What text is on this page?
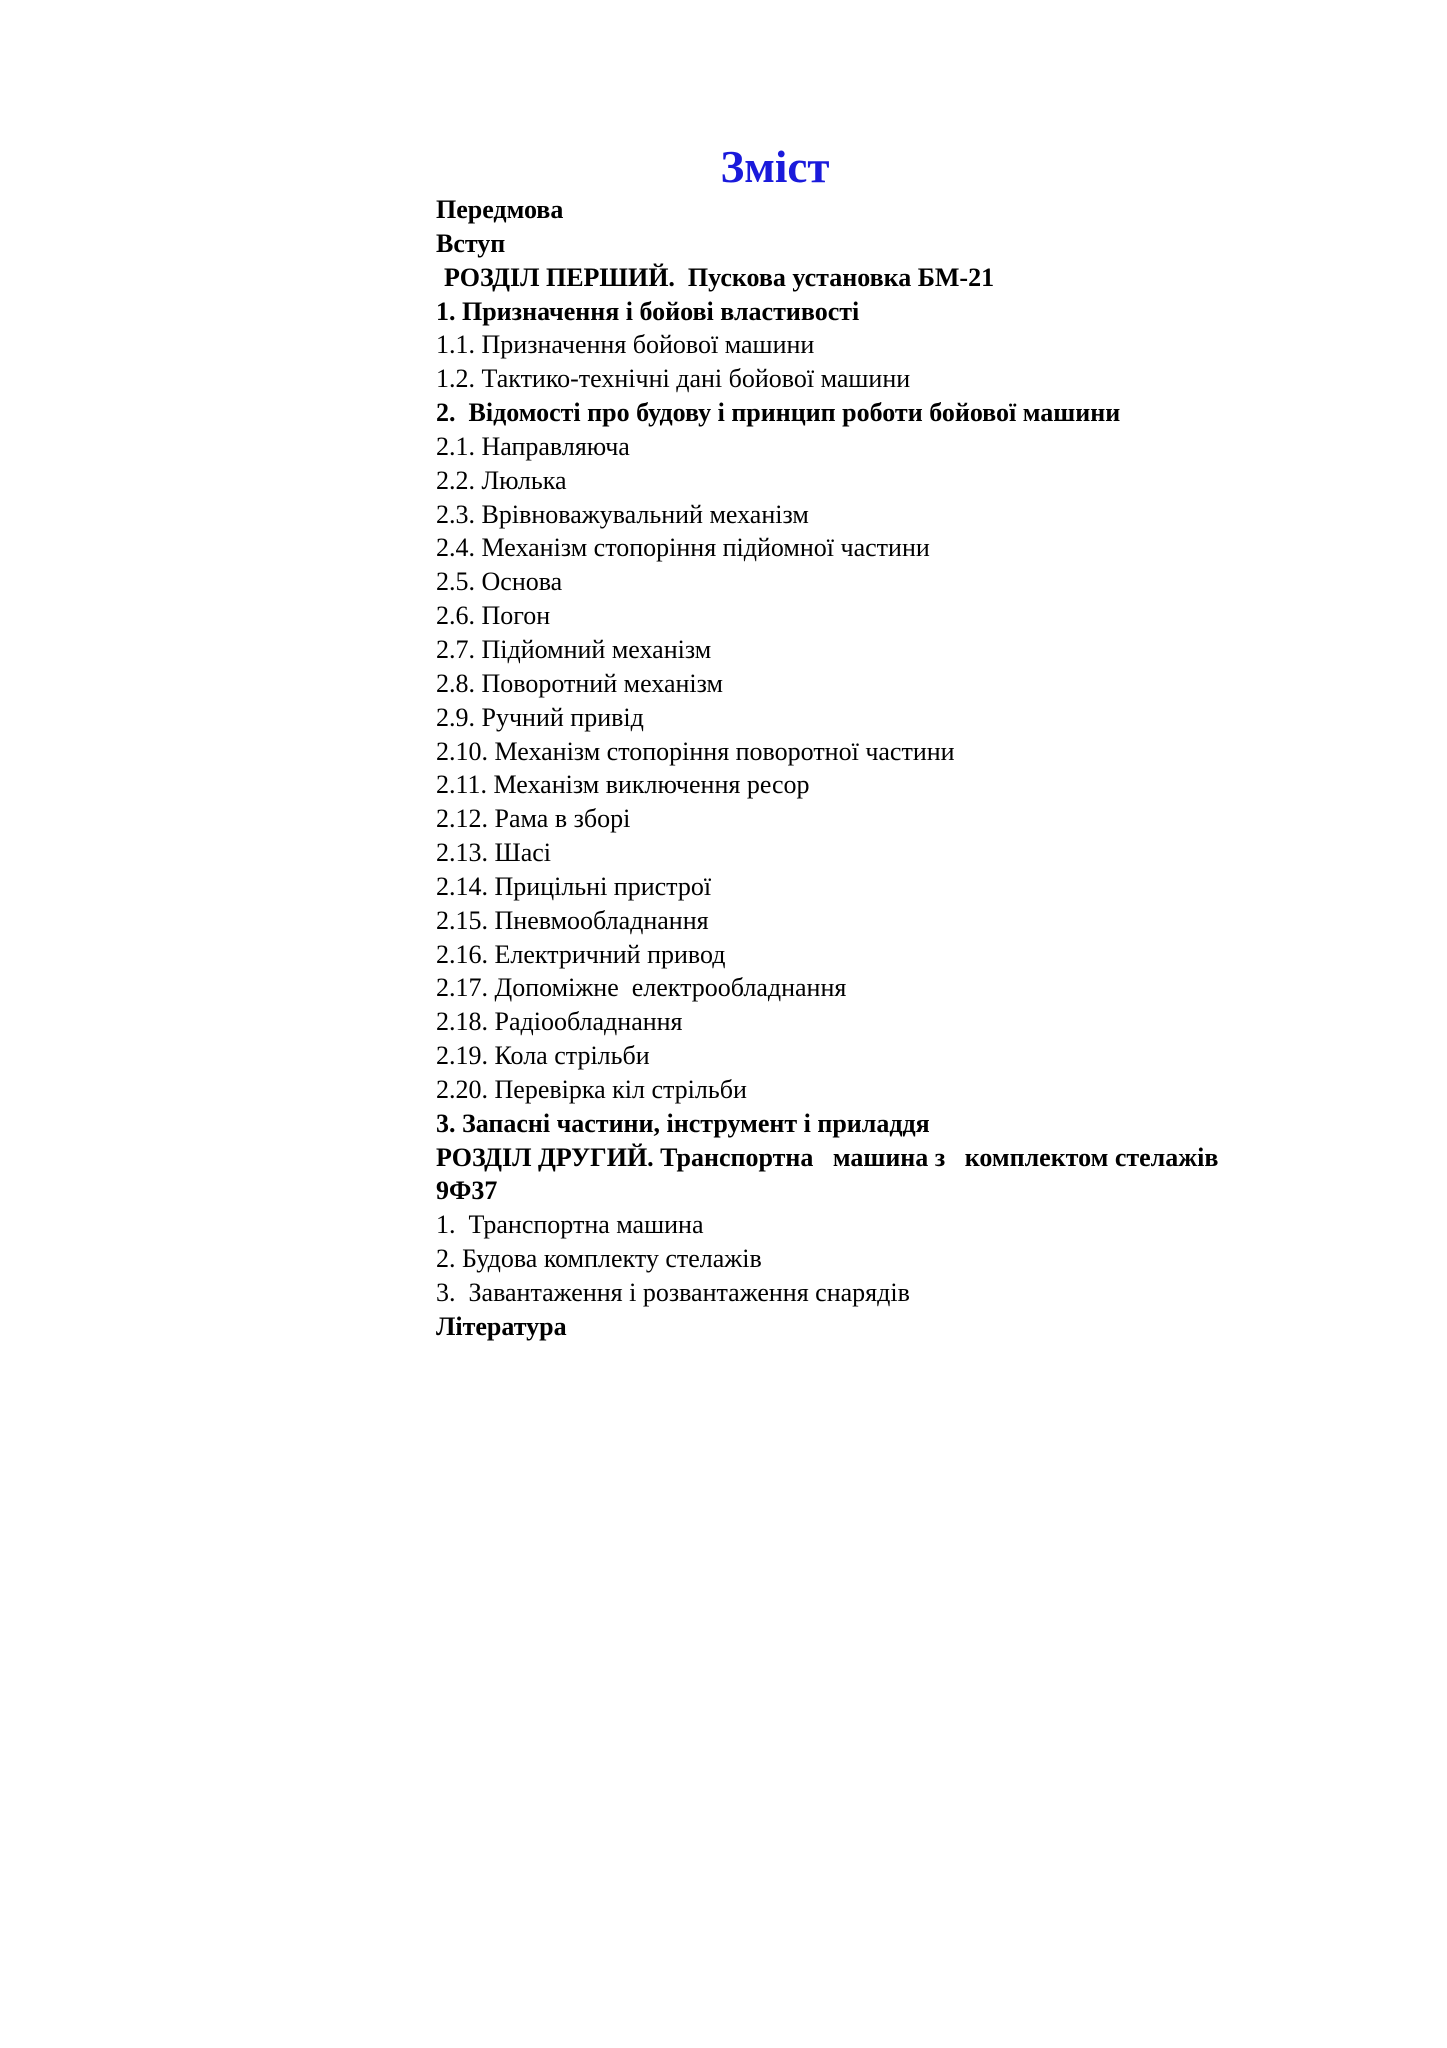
Зміст
Передмова
Вступ
РОЗДІЛ ПЕРШИЙ.  Пускова установка БМ-21
1. Призначення і бойові властивості
1.1. Призначення бойової машини
1.2. Тактико-технічні дані бойової машини
2.  Відомості про будову і принцип роботи бойової машини
2.1. Направляюча
2.2. Люлька
2.3. Врівноважувальний механізм
2.4. Механізм стопоріння підйомної частини
2.5. Основа
2.6. Погон
2.7. Підйомний механізм
2.8. Поворотний механізм
2.9. Ручний привід
2.10. Механізм стопоріння поворотної частини
2.11. Механізм виключення ресор
2.12. Рама в зборі
2.13. Шасі
2.14. Прицільні пристрої
2.15. Пневмообладнання
2.16. Електричний привод
2.17. Допоміжне  електрообладнання
2.18. Радіообладнання
2.19. Кола стрільби
2.20. Перевірка кіл стрільби
3. Запасні частини, інструмент і приладдя
РОЗДІЛ ДРУГИЙ. Транспортна   машина з   комплектом стелажів
9Ф37
1.  Транспортна машина
2. Будова комплекту стелажів
3.  Завантаження і розвантаження снарядів
Література
